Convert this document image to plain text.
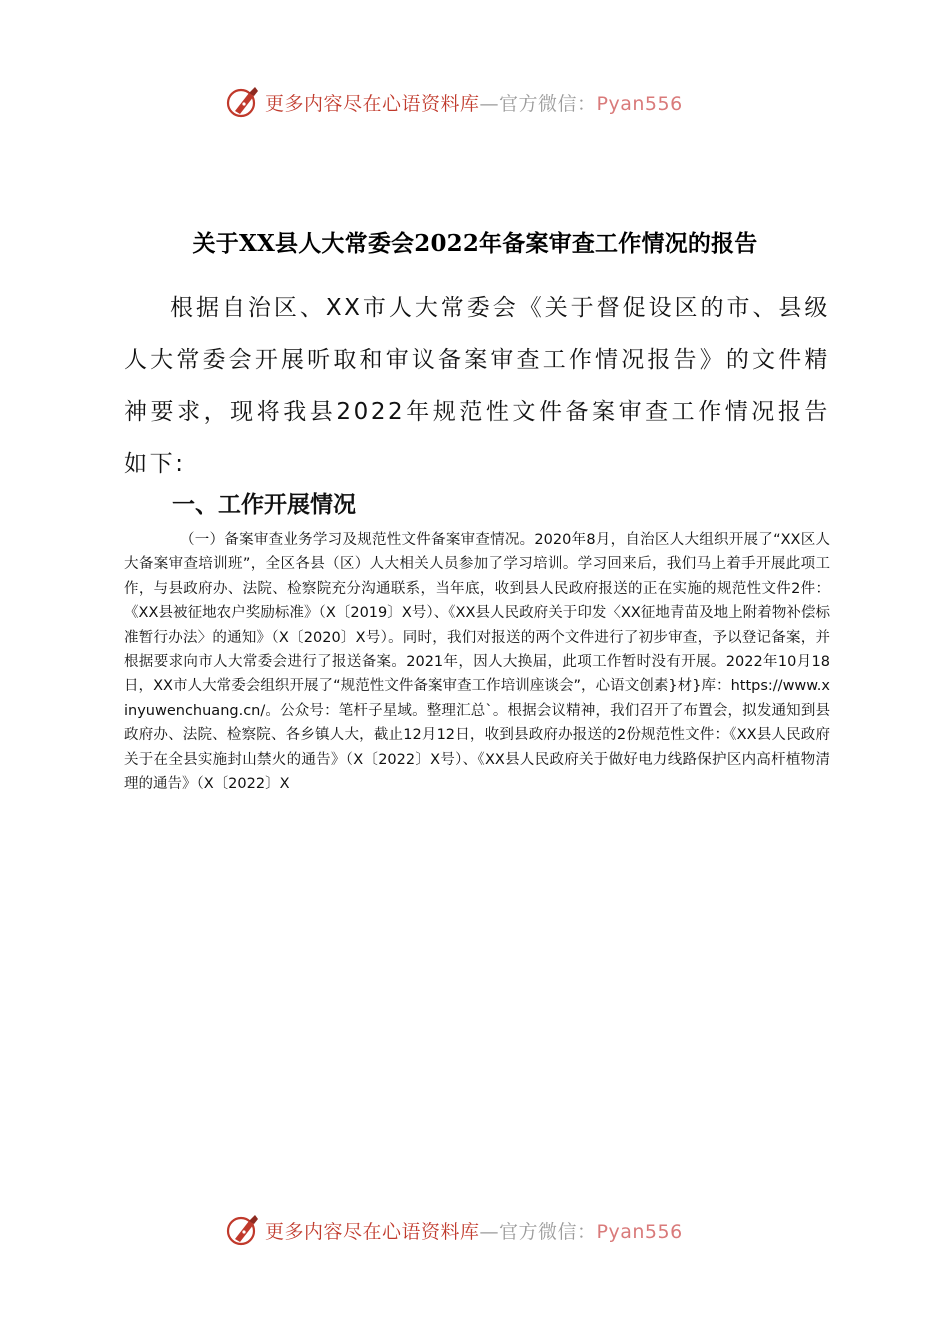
更多内容尽在心语资料库—官方微信：Pyan556
关于XX县人大常委会2022年备案审查工作情况的报告

根据自治区、XX市人大常委会《关于督促设区的市、县级人大常委会开展听取和审议备案审查工作情况报告》的文件精神要求，现将我县2022年规范性文件备案审查工作情况报告如下:

一、工作开展情况

（一）备案审查业务学习及规范性文件备案审查情况。2020年8月，自治区人大组织开展了“XX区人大备案审查培训班”，全区各县（区）人大相关人员参加了学习培训。学习回来后，我们马上着手开展此项工作，与县政府办、法院、检察院充分沟通联系，当年底，收到县人民政府报送的正在实施的规范性文件2件：《XX县被征地农户奖励标准》（X〔2019〕X号）、《XX县人民政府关于印发〈XX征地青苗及地上附着物补偿标准暂行办法〉的通知》（X〔2020〕X号）。同时，我们对报送的两个文件进行了初步审查，予以登记备案，并根据要求向市人大常委会进行了报送备案。2021年，因人大换届，此项工作暂时没有开展。2022年10月18日，XX市人大常委会组织开展了“规范性文件备案审查工作培训座谈会”，心语文创素}材}库：https://www.xinyuwenchuang.cn/。公众号：笔杆子星域。整理汇总`。根据会议精神，我们召开了布置会，拟发通知到县政府办、法院、检察院、各乡镇人大，截止12月12日，收到县政府办报送的2份规范性文件：《XX县人民政府关于在全县实施封山禁火的通告》（X〔2022〕X号）、《XX县人民政府关于做好电力线路保护区内高杆植物清理的通告》（X〔2022〕X

更多内容尽在心语资料库—官方微信：Pyan556
